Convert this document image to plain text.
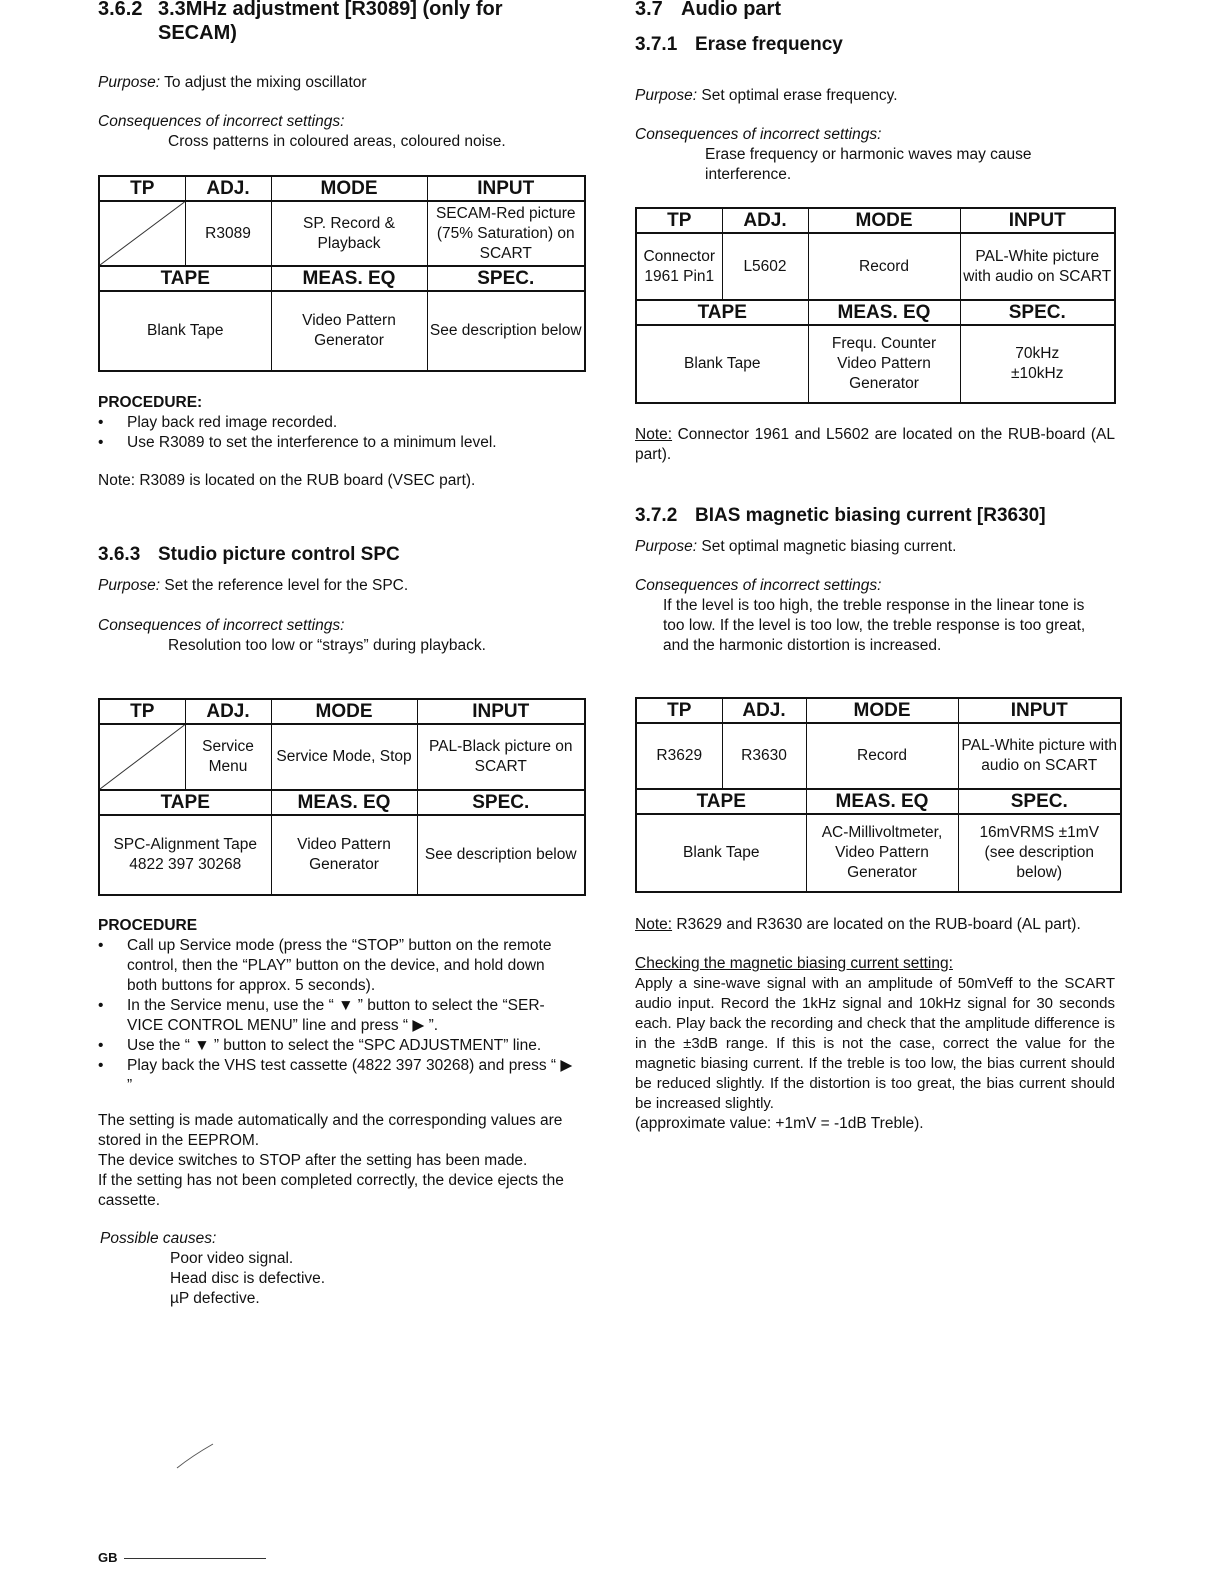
3.6.2 3.3MHz adjustment [R3089] (only for
SECAM)

Purpose: To adjust the mixing oscillator

Consequences of incorrect settings:

Cross patterns in coloured areas, coloured noise.

TP	ADJ.	MODE	INPUT

	R3089	SP. Record & Playback	SECAM-Red picture (75% Saturation) on SCART
TAPE		MEAS. EQ	SPEC.
Blank Tape		Video Pattern Generator	See description below

PROCEDURE:

• Play back red image recorded.
• Use R3089 to set the interference to a minimum level.

Note: R3089 is located on the RUB board (VSEC part).

3.6.3 Studio picture control SPC

Purpose: Set the reference level for the SPC.

Consequences of incorrect settings:

Resolution too low or “strays” during playback.

TP	ADJ.	MODE	INPUT

	Service Menu	Service Mode, Stop	PAL-Black picture on SCART
TAPE		MEAS. EQ	SPEC.
SPC-Alignment Tape 4822 397 30268		Video Pattern Generator	See description below

PROCEDURE

• Call up Service mode (press the “STOP” button on the remote control, then the “PLAY” button on the device, and hold down both buttons for approx. 5 seconds).
• In the Service menu, use the “ ▼ ” button to select the “SER-VICE CONTROL MENU” line and press “ ▶ ”.
• Use the “ ▼ ” button to select the “SPC ADJUSTMENT” line.
• Play back the VHS test cassette (4822 397 30268) and press “ ▶ ”

The setting is made automatically and the corresponding values are stored in the EEPROM.

The device switches to STOP after the setting has been made.

If the setting has not been completed correctly, the device ejects the cassette.

Possible causes:

Poor video signal.

Head disc is defective.

µP defective.

3.7 Audio part
3.7.1 Erase frequency

Purpose: Set optimal erase frequency.

Consequences of incorrect settings:

Erase frequency or harmonic waves may cause interference.

TP	ADJ.	MODE	INPUT
Connector 1961 Pin1	L5602	Record	PAL-White picture with audio on SCART
TAPE		MEAS. EQ	SPEC.
Blank Tape		Frequ. Counter Video Pattern Generator	70kHz ±10kHz

Note: Connector 1961 and L5602 are located on the RUB-board (AL part).

3.7.2 BIAS magnetic biasing current [R3630]

Purpose: Set optimal magnetic biasing current.

Consequences of incorrect settings:

If the level is too high, the treble response in the linear tone is too low. If the level is too low, the treble response is too great, and the harmonic distortion is increased.

TP	ADJ.	MODE	INPUT
R3629	R3630	Record	PAL-White picture with audio on SCART
TAPE		MEAS. EQ	SPEC.
Blank Tape		AC-Millivoltmeter, Video Pattern Generator	16mVRMS ±1mV (see description below)

Note: R3629 and R3630 are located on the RUB-board (AL part).

Checking the magnetic biasing current setting:

Apply a sine-wave signal with an amplitude of 50mVeff to the SCART audio input. Record the 1kHz signal and 10kHz signal for 30 seconds each. Play back the recording and check that the amplitude difference is in the ±3dB range. If this is not the case, correct the value for the magnetic biasing current. If the treble is too low, the bias current should be reduced slightly. If the distortion is too great, the bias current should be increased slightly.

(approximate value: +1mV = -1dB Treble).

GB
